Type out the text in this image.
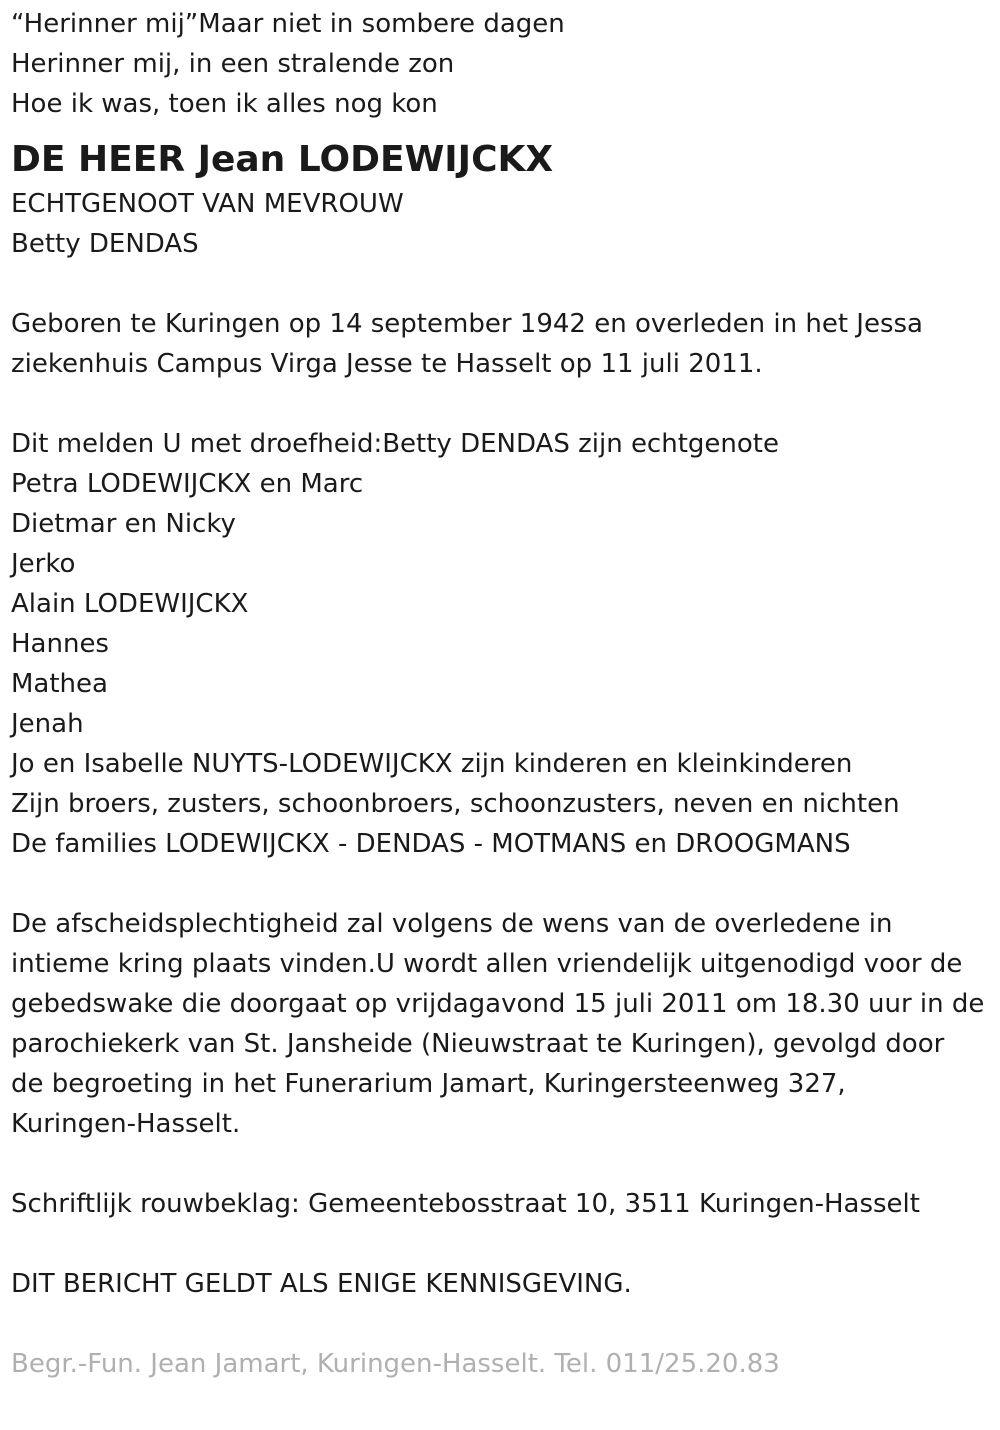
“Herinner mij”Maar niet in sombere dagen

Herinner mij, in een stralende zon

Hoe ik was, toen ik alles nog kon

DE HEER Jean LODEWIJCKX

ECHTGENOOT VAN MEVROUW

Betty DENDAS

Geboren te Kuringen op 14 september 1942 en overleden in het Jessa

ziekenhuis Campus Virga Jesse te Hasselt op 11 juli 2011.

Dit melden U met droefheid:Betty DENDAS zijn echtgenote

Petra LODEWIJCKX en Marc

Dietmar en Nicky

Jerko

Alain LODEWIJCKX

Hannes

Mathea

Jenah

Jo en Isabelle NUYTS-LODEWIJCKX zijn kinderen en kleinkinderen

Zijn broers, zusters, schoonbroers, schoonzusters, neven en nichten

De families LODEWIJCKX - DENDAS - MOTMANS en DROOGMANS

De afscheidsplechtigheid zal volgens de wens van de overledene in

intieme kring plaats vinden.U wordt allen vriendelijk uitgenodigd voor de

gebedswake die doorgaat op vrijdagavond 15 juli 2011 om 18.30 uur in de

parochiekerk van St. Jansheide (Nieuwstraat te Kuringen), gevolgd door

de begroeting in het Funerarium Jamart, Kuringersteenweg 327,

Kuringen-Hasselt.

Schriftlijk rouwbeklag: Gemeentebosstraat 10, 3511 Kuringen-Hasselt

DIT BERICHT GELDT ALS ENIGE KENNISGEVING.

Begr.-Fun. Jean Jamart, Kuringen-Hasselt. Tel. 011/25.20.83
